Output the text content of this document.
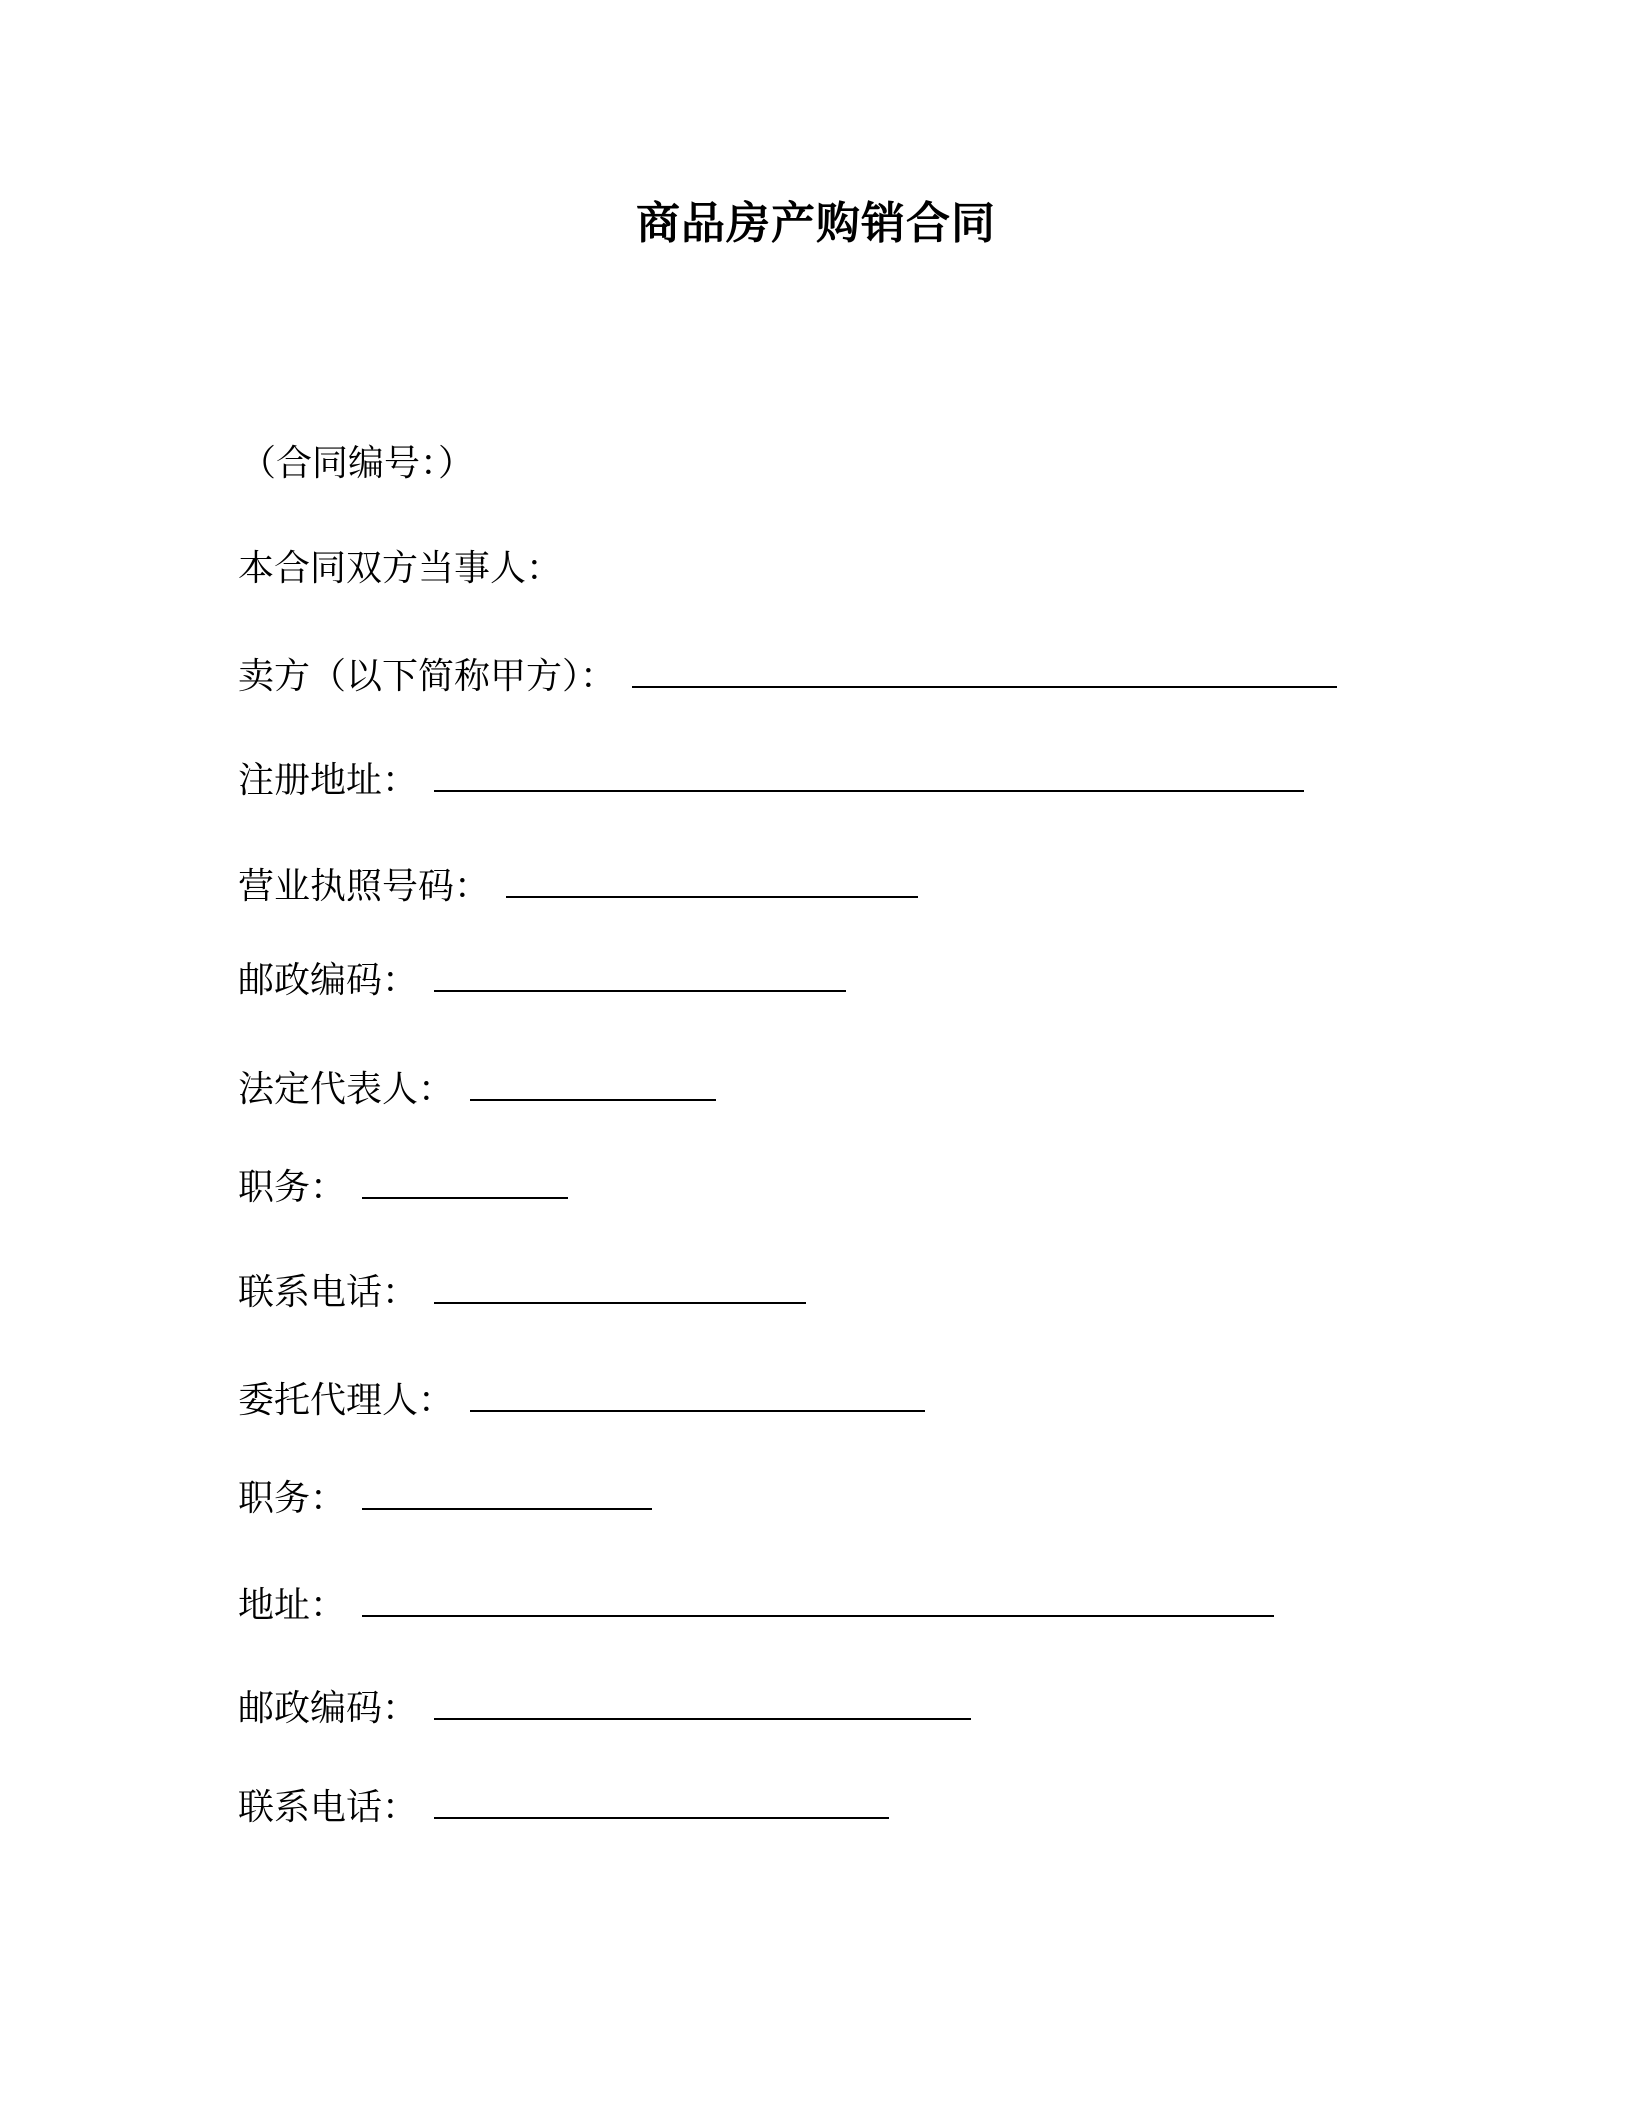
商品房产购销合同
（合同编号：）
本合同双方当事人：
卖方（以下简称甲方）：
注册地址：
营业执照号码：
邮政编码：
法定代表人：
职务：
联系电话：
委托代理人：
职务：
地址：
邮政编码：
联系电话：
